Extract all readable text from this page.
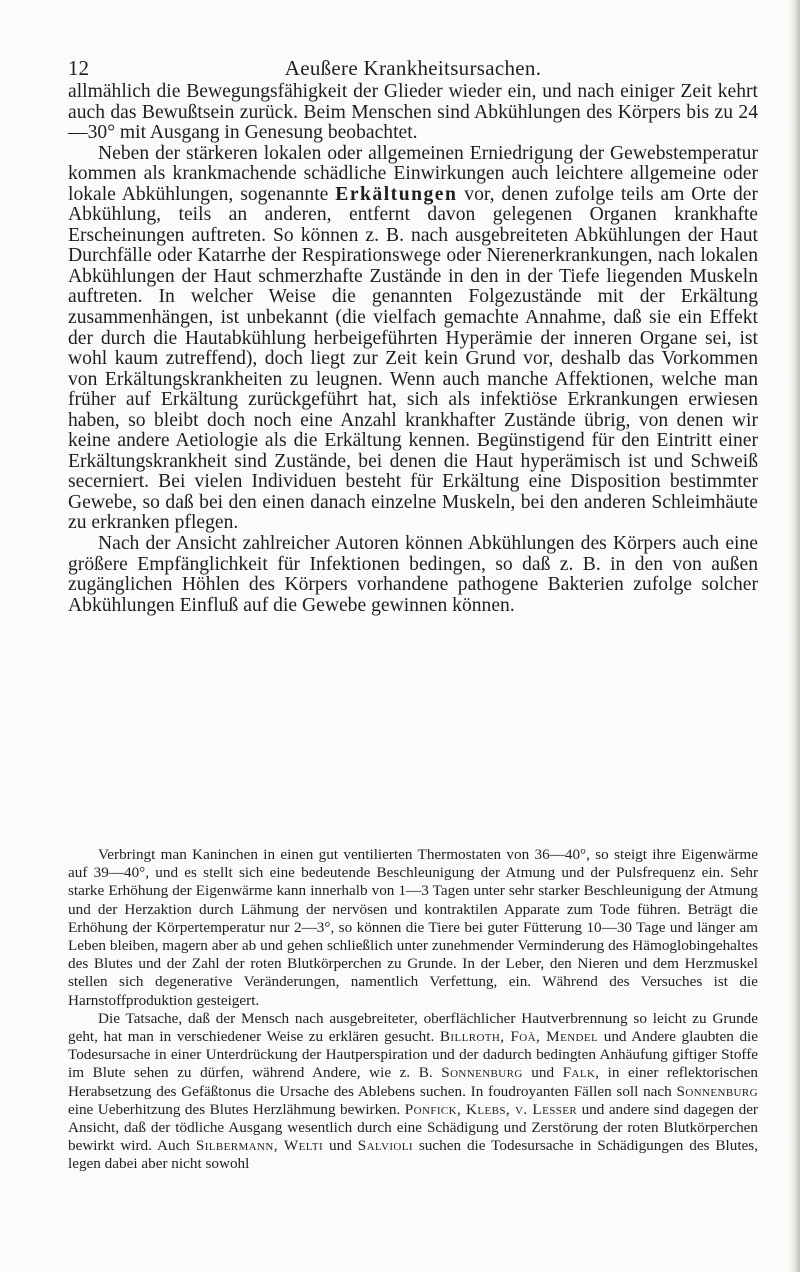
12	Aeußere Krankheitsursachen.

allmählich die Bewegungsfähigkeit der Glieder wieder ein, und nach einiger Zeit kehrt auch das Bewußtsein zurück. Beim Menschen sind Abkühlungen des Körpers bis zu 24—30° mit Ausgang in Genesung beobachtet.

Neben der stärkeren lokalen oder allgemeinen Erniedrigung der Gewebstemperatur kommen als krankmachende schädliche Einwirkungen auch leichtere allgemeine oder lokale Abkühlungen, sogenannte Erkältungen vor, denen zufolge teils am Orte der Abkühlung, teils an anderen, entfernt davon gelegenen Organen krankhafte Erscheinungen auftreten. So können z. B. nach ausgebreiteten Abkühlungen der Haut Durchfälle oder Katarrhe der Respirationswege oder Nierenerkrankungen, nach lokalen Abkühlungen der Haut schmerzhafte Zustände in den in der Tiefe liegenden Muskeln auftreten. In welcher Weise die genannten Folgezustände mit der Erkältung zusammenhängen, ist unbekannt (die vielfach gemachte Annahme, daß sie ein Effekt der durch die Hautabkühlung herbeigeführten Hyperämie der inneren Organe sei, ist wohl kaum zutreffend), doch liegt zur Zeit kein Grund vor, deshalb das Vorkommen von Erkältungskrankheiten zu leugnen. Wenn auch manche Affektionen, welche man früher auf Erkältung zurückgeführt hat, sich als infektiöse Erkrankungen erwiesen haben, so bleibt doch noch eine Anzahl krankhafter Zustände übrig, von denen wir keine andere Aetiologie als die Erkältung kennen. Begünstigend für den Eintritt einer Erkältungskrankheit sind Zustände, bei denen die Haut hyperämisch ist und Schweiß secerniert. Bei vielen Individuen besteht für Erkältung eine Disposition bestimmter Gewebe, so daß bei den einen danach einzelne Muskeln, bei den anderen Schleimhäute zu erkranken pflegen.

Nach der Ansicht zahlreicher Autoren können Abkühlungen des Körpers auch eine größere Empfänglichkeit für Infektionen bedingen, so daß z. B. in den von außen zugänglichen Höhlen des Körpers vorhandene pathogene Bakterien zufolge solcher Abkühlungen Einfluß auf die Gewebe gewinnen können.

Verbringt man Kaninchen in einen gut ventilierten Thermostaten von 36—40°, so steigt ihre Eigenwärme auf 39—40°, und es stellt sich eine bedeutende Beschleunigung der Atmung und der Pulsfrequenz ein. Sehr starke Erhöhung der Eigenwärme kann innerhalb von 1—3 Tagen unter sehr starker Beschleunigung der Atmung und der Herzaktion durch Lähmung der nervösen und kontraktilen Apparate zum Tode führen. Beträgt die Erhöhung der Körpertemperatur nur 2—3°, so können die Tiere bei guter Fütterung 10—30 Tage und länger am Leben bleiben, magern aber ab und gehen schließlich unter zunehmender Verminderung des Hämoglobingehaltes des Blutes und der Zahl der roten Blutkörperchen zu Grunde. In der Leber, den Nieren und dem Herzmuskel stellen sich degenerative Veränderungen, namentlich Verfettung, ein. Während des Versuches ist die Harnstoffproduktion gesteigert.

Die Tatsache, daß der Mensch nach ausgebreiteter, oberflächlicher Hautverbrennung so leicht zu Grunde geht, hat man in verschiedener Weise zu erklären gesucht. Billroth, Foà, Mendel und Andere glaubten die Todesursache in einer Unterdrückung der Hautperspiration und der dadurch bedingten Anhäufung giftiger Stoffe im Blute sehen zu dürfen, während Andere, wie z. B. Sonnenburg und Falk, in einer reflektorischen Herabsetzung des Gefäßtonus die Ursache des Ablebens suchen. In foudroyanten Fällen soll nach Sonnenburg eine Ueberhitzung des Blutes Herzlähmung bewirken. Ponfick, Klebs, v. Lesser und andere sind dagegen der Ansicht, daß der tödliche Ausgang wesentlich durch eine Schädigung und Zerstörung der roten Blutkörperchen bewirkt wird. Auch Silbermann, Welti und Salvioli suchen die Todesursache in Schädigungen des Blutes, legen dabei aber nicht sowohl
